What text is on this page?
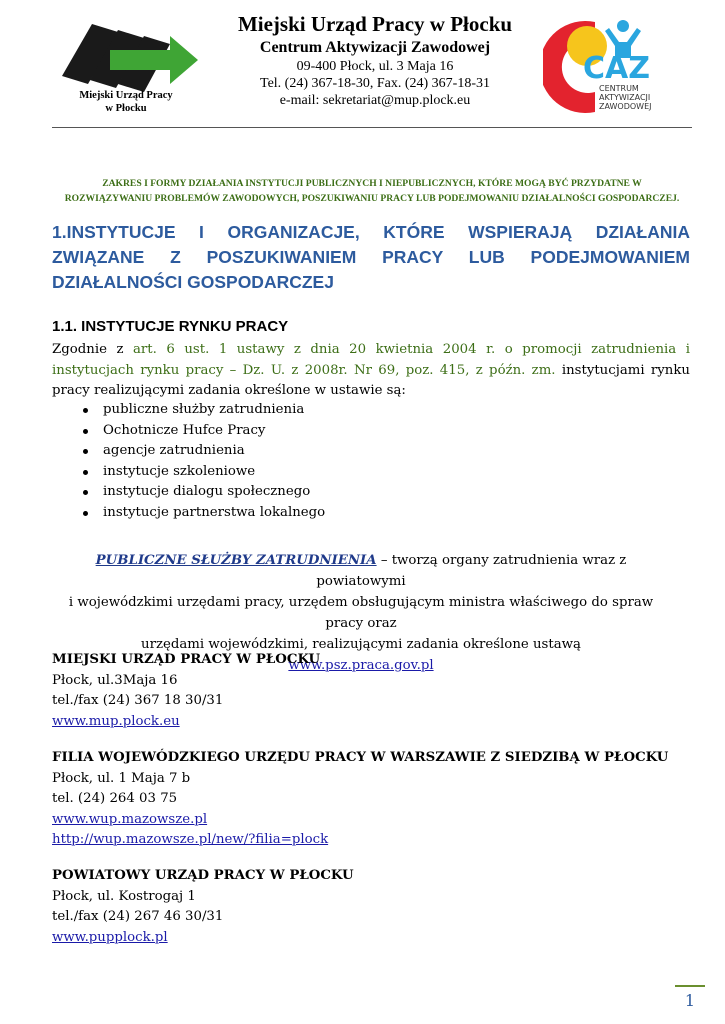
Miejski Urząd Pracy
w Płocku
Miejski Urząd Pracy w Płocku
Centrum Aktywizacji Zawodowej
09-400 Płock, ul. 3 Maja 16
Tel. (24) 367-18-30, Fax. (24) 367-18-31
e-mail: sekretariat@mup.plock.eu
CAZ
CENTRUM
AKTYWIZACJI
ZAWODOWEJ
ZAKRES I FORMY DZIAŁANIA INSTYTUCJI PUBLICZNYCH I NIEPUBLICZNYCH, KTÓRE MOGĄ BYĆ PRZYDATNE W
ROZWIĄZYWANIU PROBLEMÓW ZAWODOWYCH, POSZUKIWANIU PRACY LUB PODEJMOWANIU DZIAŁALNOŚCI GOSPODARCZEJ.
1.INSTYTUCJE I ORGANIZACJE, KTÓRE WSPIERAJĄ DZIAŁANIA ZWIĄZANE Z POSZUKIWANIEM PRACY LUB PODEJMOWANIEM DZIAŁALNOŚCI GOSPODARCZEJ
1.1. INSTYTUCJE RYNKU PRACY
Zgodnie z art. 6 ust. 1 ustawy z dnia 20 kwietnia 2004 r. o promocji zatrudnienia i instytucjach rynku pracy – Dz. U. z 2008r. Nr 69, poz. 415, z późn. zm. instytucjami rynku pracy realizującymi zadania określone w ustawie są:
publiczne służby zatrudnienia
Ochotnicze Hufce Pracy
agencje zatrudnienia
instytucje szkoleniowe
instytucje dialogu społecznego
instytucje partnerstwa lokalnego
PUBLICZNE SŁUŻBY ZATRUDNIENIA – tworzą organy zatrudnienia wraz z powiatowymi
i wojewódzkimi urzędami pracy, urzędem obsługującym ministra właściwego do spraw pracy oraz
urzędami wojewódzkimi, realizującymi zadania określone ustawą
www.psz.praca.gov.pl
MIEJSKI URZĄD PRACY W PŁOCKU
Płock, ul.3Maja 16
tel./fax (24) 367 18 30/31
www.mup.plock.eu
FILIA WOJEWÓDZKIEGO URZĘDU PRACY W WARSZAWIE Z SIEDZIBĄ W PŁOCKU
Płock, ul. 1 Maja 7 b
tel. (24) 264 03 75
www.wup.mazowsze.pl
http://wup.mazowsze.pl/new/?filia=plock
POWIATOWY URZĄD PRACY W PŁOCKU
Płock, ul. Kostrogaj 1
tel./fax (24) 267 46 30/31
www.pupplock.pl
1
